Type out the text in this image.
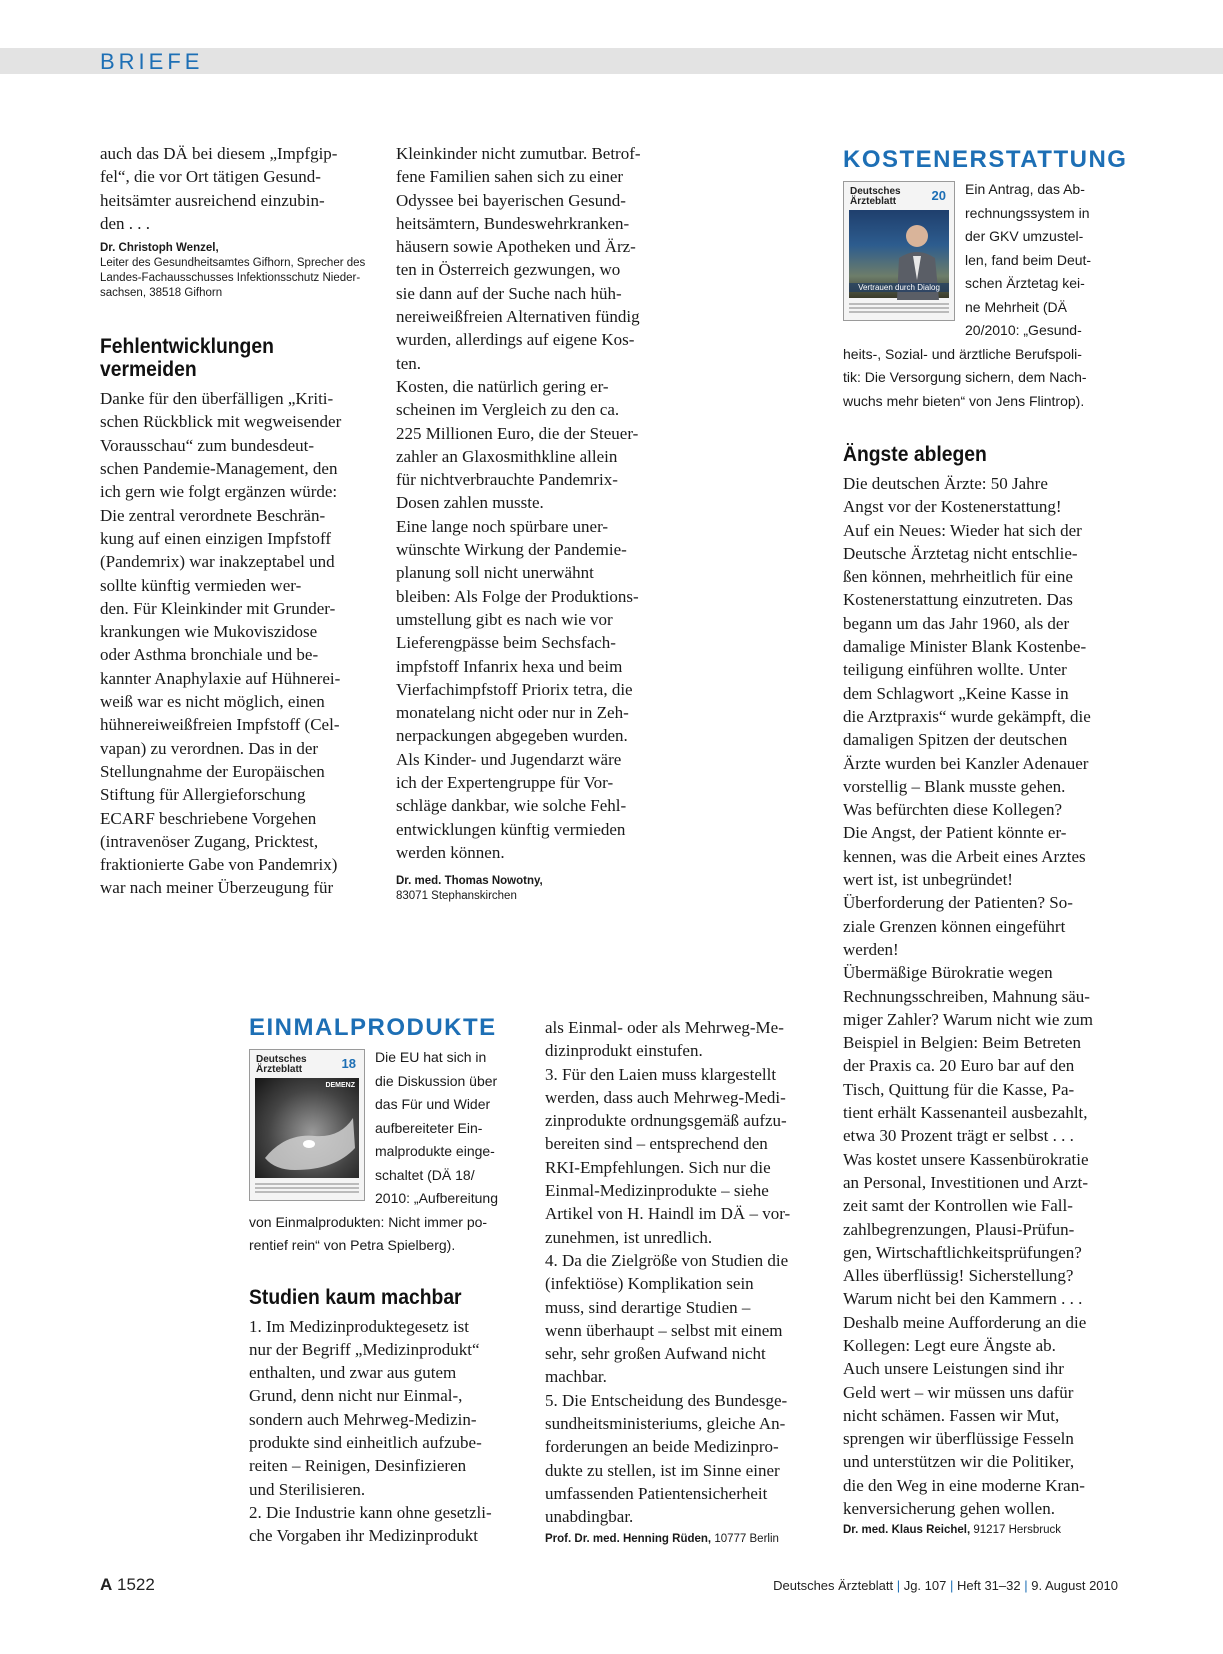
BRIEFE

auch das DÄ bei diesem „Impfgip-
fel“, die vor Ort tätigen Gesund-
heitsämter ausreichend einzubin-
den . . .

Dr. Christoph Wenzel,
Leiter des Gesundheitsamtes Gifhorn, Sprecher des Landes-Fachausschusses Infektionsschutz Nieder-sachsen, 38518 Gifhorn

Fehlentwicklungen vermeiden

Danke für den überfälligen „Kriti-
schen Rückblick mit wegweisender
Vorausschau“ zum bundesdeut-
schen Pandemie-Management, den
ich gern wie folgt ergänzen würde:
Die zentral verordnete Beschrän-
kung auf einen einzigen Impfstoff
(Pandemrix) war inakzeptabel und
sollte künftig vermieden wer-
den. Für Kleinkinder mit Grunder-
krankungen wie Mukoviszidose
oder Asthma bronchiale und be-
kannter Anaphylaxie auf Hühnerei-
weiß war es nicht möglich, einen
hühnereiweißfreien Impfstoff (Cel-
vapan) zu verordnen. Das in der
Stellungnahme der Europäischen
Stiftung für Allergieforschung
ECARF beschriebene Vorgehen
(intravenöser Zugang, Pricktest,
fraktionierte Gabe von Pandemrix)
war nach meiner Überzeugung für

Kleinkinder nicht zumutbar. Betrof-
fene Familien sahen sich zu einer
Odyssee bei bayerischen Gesund-
heitsämtern, Bundeswehrkranken-
häusern sowie Apotheken und Ärz-
ten in Österreich gezwungen, wo
sie dann auf der Suche nach hüh-
nereiweißfreien Alternativen fündig
wurden, allerdings auf eigene Kos-
ten.
Kosten, die natürlich gering er-
scheinen im Vergleich zu den ca.
225 Millionen Euro, die der Steuer-
zahler an Glaxosmithkline allein
für nichtverbrauchte Pandemrix-
Dosen zahlen musste.
Eine lange noch spürbare uner-
wünschte Wirkung der Pandemie-
planung soll nicht unerwähnt
bleiben: Als Folge der Produktions-
umstellung gibt es nach wie vor
Lieferengpässe beim Sechsfach-
impfstoff Infanrix hexa und beim
Vierfachimpfstoff Priorix tetra, die
monatelang nicht oder nur in Zeh-
nerpackungen abgegeben wurden.
Als Kinder- und Jugendarzt wäre
ich der Expertengruppe für Vor-
schläge dankbar, wie solche Fehl-
entwicklungen künftig vermieden
werden können.

Dr. med. Thomas Nowotny,
83071 Stephanskirchen

KOSTENERSTATTUNG

Deutsches
Ärzteblatt	20
Vertrauen durch Dialog
Ein Antrag, das Ab-
rechnungssystem in
der GKV umzustel-
len, fand beim Deut-
schen Ärztetag kei-
ne Mehrheit (DÄ
20/2010: „Gesund-
heits-, Sozial- und ärztliche Berufspoli-
tik: Die Versorgung sichern, dem Nach-
wuchs mehr bieten“ von Jens Flintrop).
Ängste ablegen

Die deutschen Ärzte: 50 Jahre
Angst vor der Kostenerstattung!
Auf ein Neues: Wieder hat sich der
Deutsche Ärztetag nicht entschlie-
ßen können, mehrheitlich für eine
Kostenerstattung einzutreten. Das
begann um das Jahr 1960, als der
damalige Minister Blank Kostenbe-
teiligung einführen wollte. Unter
dem Schlagwort „Keine Kasse in
die Arztpraxis“ wurde gekämpft, die
damaligen Spitzen der deutschen
Ärzte wurden bei Kanzler Adenauer
vorstellig – Blank musste gehen.
Was befürchten diese Kollegen?
Die Angst, der Patient könnte er-
kennen, was die Arbeit eines Arztes
wert ist, ist unbegründet!
Überforderung der Patienten? So-
ziale Grenzen können eingeführt
werden!
Übermäßige Bürokratie wegen
Rechnungsschreiben, Mahnung säu-
miger Zahler? Warum nicht wie zum
Beispiel in Belgien: Beim Betreten
der Praxis ca. 20 Euro bar auf den
Tisch, Quittung für die Kasse, Pa-
tient erhält Kassenanteil ausbezahlt,
etwa 30 Prozent trägt er selbst . . .
Was kostet unsere Kassenbürokratie
an Personal, Investitionen und Arzt-
zeit samt der Kontrollen wie Fall-
zahlbegrenzungen, Plausi-Prüfun-
gen, Wirtschaftlichkeitsprüfungen?
Alles überflüssig! Sicherstellung?
Warum nicht bei den Kammern . . .
Deshalb meine Aufforderung an die
Kollegen: Legt eure Ängste ab.
Auch unsere Leistungen sind ihr
Geld wert – wir müssen uns dafür
nicht schämen. Fassen wir Mut,
sprengen wir überflüssige Fesseln
und unterstützen wir die Politiker,
die den Weg in eine moderne Kran-
kenversicherung gehen wollen.

Dr. med. Klaus Reichel, 91217 Hersbruck

EINMALPRODUKTE

Deutsches
Ärzteblatt	18
DEMENZ
Die EU hat sich in
die Diskussion über
das Für und Wider
aufbereiteter Ein-
malprodukte einge-
schaltet (DÄ 18/
2010: „Aufbereitung
von Einmalprodukten: Nicht immer po-
rentief rein“ von Petra Spielberg).
Studien kaum machbar

1. Im Medizinproduktegesetz ist
nur der Begriff „Medizinprodukt“
enthalten, und zwar aus gutem
Grund, denn nicht nur Einmal-,
sondern auch Mehrweg-Medizin-
produkte sind einheitlich aufzube-
reiten – Reinigen, Desinfizieren
und Sterilisieren.
2. Die Industrie kann ohne gesetzli-
che Vorgaben ihr Medizinprodukt

als Einmal- oder als Mehrweg-Me-
dizinprodukt einstufen.
3. Für den Laien muss klargestellt
werden, dass auch Mehrweg-Medi-
zinprodukte ordnungsgemäß aufzu-
bereiten sind – entsprechend den
RKI-Empfehlungen. Sich nur die
Einmal-Medizinprodukte – siehe
Artikel von H. Haindl im DÄ – vor-
zunehmen, ist unredlich.
4. Da die Zielgröße von Studien die
(infektiöse) Komplikation sein
muss, sind derartige Studien –
wenn überhaupt – selbst mit einem
sehr, sehr großen Aufwand nicht
machbar.
5. Die Entscheidung des Bundesge-
sundheitsministeriums, gleiche An-
forderungen an beide Medizinpro-
dukte zu stellen, ist im Sinne einer
umfassenden Patientensicherheit
unabdingbar.

Prof. Dr. med. Henning Rüden, 10777 Berlin

A 1522	Deutsches Ärzteblatt | Jg. 107 | Heft 31–32 | 9. August 2010
